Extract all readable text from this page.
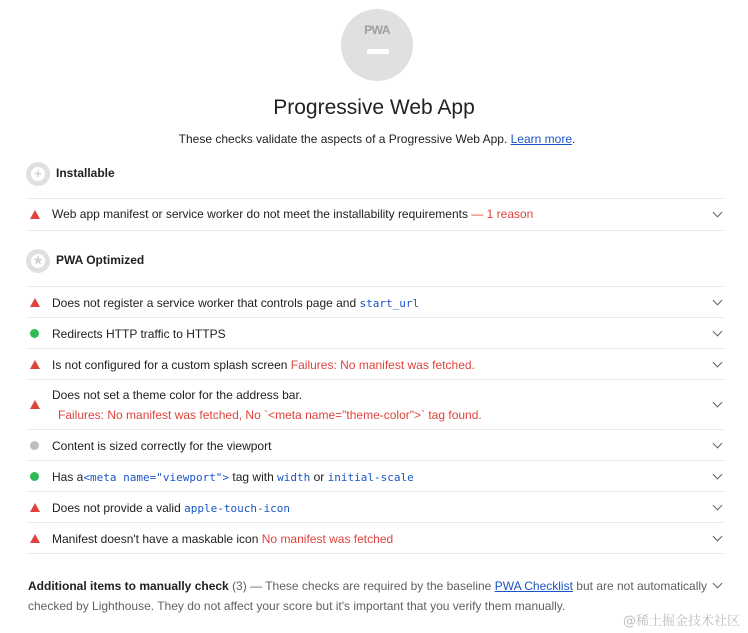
PWA
Progressive Web App
These checks validate the aspects of a Progressive Web App. Learn more.
+ Installable
Web app manifest or service worker do not meet the installability requirements — 1 reason
★ PWA Optimized
Does not register a service worker that controls page and start_url
Redirects HTTP traffic to HTTPS
Is not configured for a custom splash screen Failures: No manifest was fetched.
Does not set a theme color for the address bar.
Failures: No manifest was fetched, No `<meta name="theme-color">` tag found.
Content is sized correctly for the viewport
Has a<meta name="viewport"> tag with width or initial-scale
Does not provide a valid apple-touch-icon
Manifest doesn't have a maskable icon No manifest was fetched
Additional items to manually check (3) — These checks are required by the baseline PWA Checklist but are not automatically checked by Lighthouse. They do not affect your score but it's important that you verify them manually.
@稀土掘金技术社区
